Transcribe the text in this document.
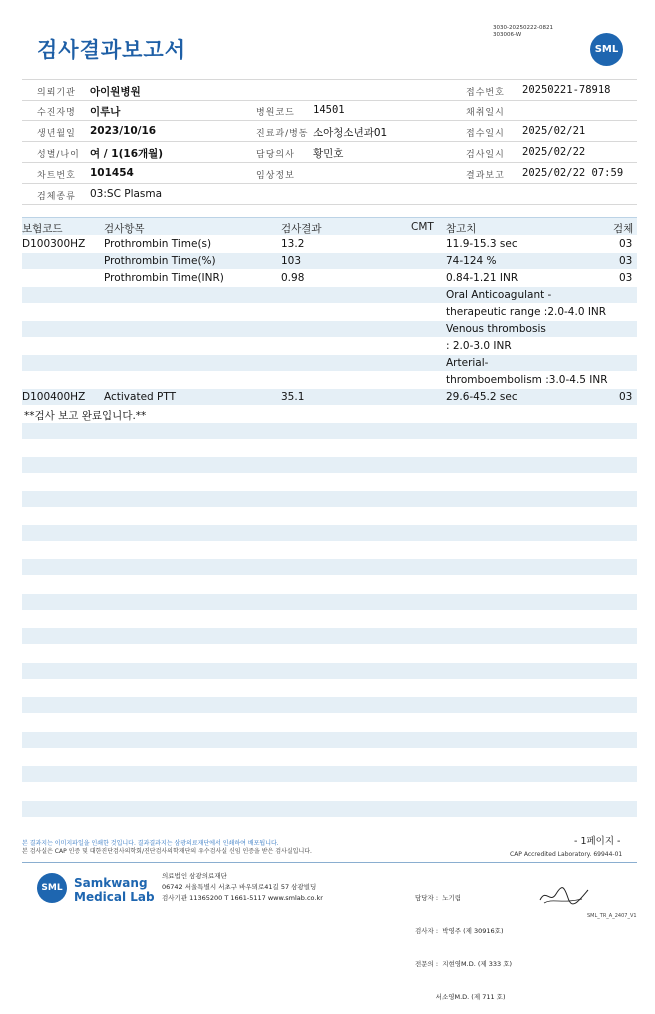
검사결과보고서
3030-20250222-0821
303006-W
SML
의뢰기관 아이원병원	접수번호 20250221-78918
수진자명 이루나	병원코드 14501	채취일시
생년월일 2023/10/16	진료과/병동 소아청소년과01	접수일시 2025/02/21
성별/나이 여 / 1(16개월)	담당의사 황민호	검사일시 2025/02/22
차트번호 101454	임상정보	결과보고 2025/02/22 07:59
검체종류 03:SC Plasma
보험코드	검사항목	검사결과	CMT 참고치	검체
D100300HZ Prothrombin Time(s)	13.2	11.9-15.3 sec	03
Prothrombin Time(%)	103	74-124 %	03
Prothrombin Time(INR)	0.98	0.84-1.21 INR	03
Oral Anticoagulant -
therapeutic range :2.0-4.0 INR
Venous thrombosis
: 2.0-3.0 INR
Arterial-
thromboembolism :3.0-4.5 INR
D100400HZ Activated PTT	35.1	29.6-45.2 sec	03
**검사 보고 완료입니다.**
본 결과지는 이미지파일을 인쇄한 것입니다. 결과결과지는 삼광의료재단에서 인쇄하여 배포됩니다.
본 검사실은 CAP 인증 및 대한진단검사의학회/진단검사의학재단의 우수검사실 신임 인증을 받은 검사실입니다.
- 1페이지 -
CAP Accredited Laboratory. 69944-01
SML Samkwang
Medical Lab
의료법인 삼광의료재단
06742 서울특별시 서초구 바우뫼로41길 57 삼광빌딩
검사기관 11365200 T 1661-5117 www.smlab.co.kr

	담당자 :  노기림

검사자 :  박영주 (제 30916호)

전문의 :  지현영M.D. (제 333 호)

서소영M.D. (제 711 호)

SML_TR_A_2407_V1
